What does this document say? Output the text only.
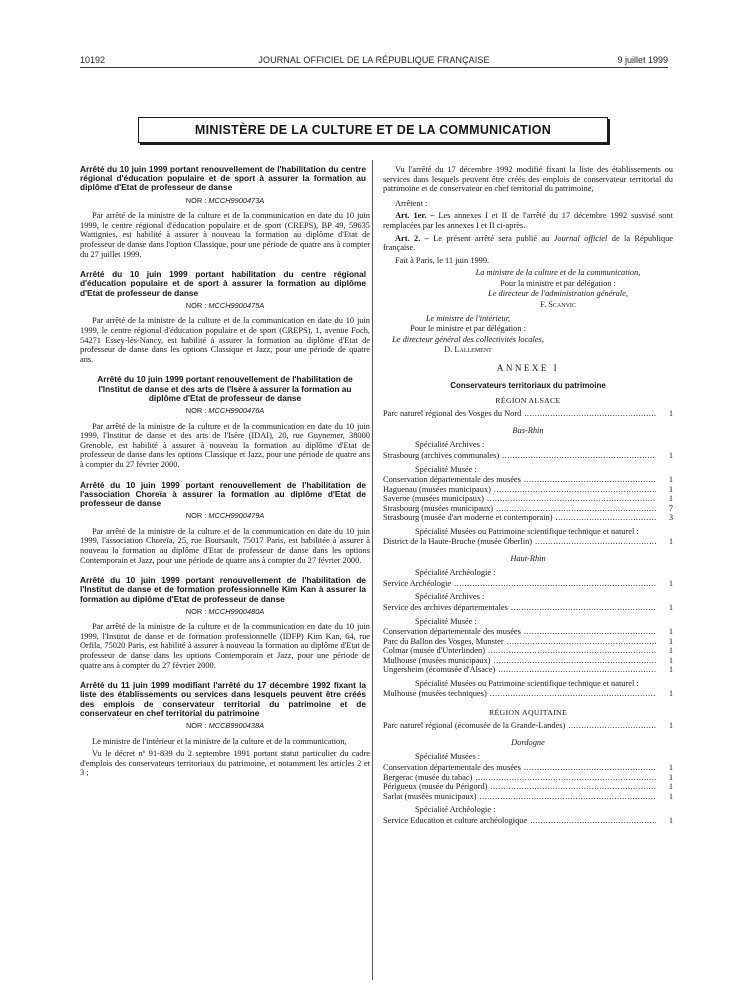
10192	JOURNAL OFFICIEL DE LA RÉPUBLIQUE FRANÇAISE	9 juillet 1999
MINISTÈRE DE LA CULTURE ET DE LA COMMUNICATION
Arrêté du 10 juin 1999 portant renouvellement de l'habilitation du centre régional d'éducation populaire et de sport à assurer la formation au diplôme d'Etat de professeur de danse
NOR : MCCH9900473A

Par arrêté de la ministre de la culture et de la communication en date du 10 juin 1999, le centre régional d'éducation populaire et de sport (CREPS), BP 49, 59635 Wattignies, est habilité à assurer à nouveau la formation au diplôme d'Etat de professeur de danse dans l'option Classique, pour une période de quatre ans à compter du 27 juillet 1999.

Arrêté du 10 juin 1999 portant habilitation du centre régional d'éducation populaire et de sport à assurer la formation au diplôme d'Etat de professeur de danse
NOR : MCCH9900475A

Par arrêté de la ministre de la culture et de la communication en date du 10 juin 1999, le centre régional d'éducation populaire et de sport (CREPS), 1, avenue Foch, 54271 Essey-lès-Nancy, est habilité à assurer la formation au diplôme d'Etat de professeur de danse dans les options Classique et Jazz, pour une période de quatre ans.

Arrêté du 10 juin 1999 portant renouvellement de l'habilitation de l'Institut de danse et des arts de l'Isère à assurer la formation au diplôme d'Etat de professeur de danse
NOR : MCCH9900476A

Par arrêté de la ministre de la culture et de la communication en date du 10 juin 1999, l'Institut de danse et des arts de l'Isère (IDAI), 20, rue Guynemer, 38000 Grenoble, est habilité à assurer à nouveau la formation au diplôme d'Etat de professeur de danse dans les options Classique et Jazz, pour une période de quatre ans à compter du 27 février 2000.

Arrêté du 10 juin 1999 portant renouvellement de l'habilitation de l'association Choreïa à assurer la formation au diplôme d'Etat de professeur de danse
NOR : MCCH9900479A

Par arrêté de la ministre de la culture et de la communication en date du 10 juin 1999, l'association Choreïa, 25, rue Boursault, 75017 Paris, est habilitée à assurer à nouveau la formation au diplôme d'Etat de professeur de danse dans les options Contemporain et Jazz, pour une période de quatre ans à compter du 27 février 2000.

Arrêté du 10 juin 1999 portant renouvellement de l'habilitation de l'Institut de danse et de formation professionnelle Kim Kan à assurer la formation au diplôme d'Etat de professeur de danse
NOR : MCCH9900480A

Par arrêté de la ministre de la culture et de la communication en date du 10 juin 1999, l'Institut de danse et de formation professionnelle (IDFP) Kim Kan, 64, rue Orfila, 75020 Paris, est habilité à assurer à nouveau la formation au diplôme d'Etat de professeur de danse dans les options Contemporain et Jazz, pour une période de quatre ans à compter du 27 février 2000.

Arrêté du 11 juin 1999 modifiant l'arrêté du 17 décembre 1992 fixant la liste des établissements ou services dans lesquels peuvent être créés des emplois de conservateur territorial du patrimoine et de conservateur en chef territorial du patrimoine
NOR : MCCB9900438A

Le ministre de l'intérieur et la ministre de la culture et de la communication,

Vu le décret nº 91-839 du 2 septembre 1991 portant statut particulier du cadre d'emplois des conservateurs territoriaux du patrimoine, et notamment les articles 2 et 3 ;

Vu l'arrêté du 17 décembre 1992 modifié fixant la liste des établissements ou services dans lesquels peuvent être créés des emplois de conservateur territorial du patrimoine et de conservateur en chef territorial du patrimoine,

Arrêtent :

Art. 1er. – Les annexes I et II de l'arrêté du 17 décembre 1992 susvisé sont remplacées par les annexes I et II ci-après.

Art. 2. – Le présent arrêté sera publié au Journal officiel de la République française.

Fait à Paris, le 11 juin 1999.

La ministre de la culture et de la communication,
Pour la ministre et par délégation :
Le directeur de l'administration générale,
F. Scanvic
Le ministre de l'intérieur,
Pour le ministre et par délégation :
Le directeur général des collectivités locales,
D. Lallement
ANNEXE I
Conservateurs territoriaux du patrimoine
RÉGION ALSACE
Parc naturel régional des Vosges du Nord .....	1
Bas-Rhin
Spécialité Archives :
Strasbourg (archives communales) .....	1
Spécialité Musée :
Conservation départementale des musées .....	1
Haguenau (musées municipaux) .....	1
Saverne (musées municipaux) .....	1
Strasbourg (musées municipaux) .....	7
Strasbourg (musée d'art moderne et contemporain) .....	3
Spécialité Musées ou Patrimoine scientifique technique et naturel :
District de la Haute-Bruche (musée Oberlin) .....	1
Haut-Rhin
Spécialité Archéologie :
Service Archéologie .....	1
Spécialité Archives :
Service des archives départementales .....	1
Spécialité Musée :
Conservation départementale des musées .....	1
Parc du Ballon des Vosges, Munster .....	1
Colmar (musée d'Unterlinden) .....	1
Mulhouse (musées municipaux) .....	1
Ungersheim (écomusée d'Alsace) .....	1
Spécialité Musées ou Patrimoine scientifique technique et naturel :
Mulhouse (musées techniques) .....	1
RÉGION AQUITAINE
Parc naturel régional (écomusée de la Grande-Landes) .....	1
Dordogne
Spécialité Musées :
Conservation départementale des musées .....	1
Bergerac (musée du tabac) .....	1
Périgueux (musée du Périgord) .....	1
Sarlat (musées municipaux) .....	1
Spécialité Archéologie :
Service Education et culture archéologique .....	1
